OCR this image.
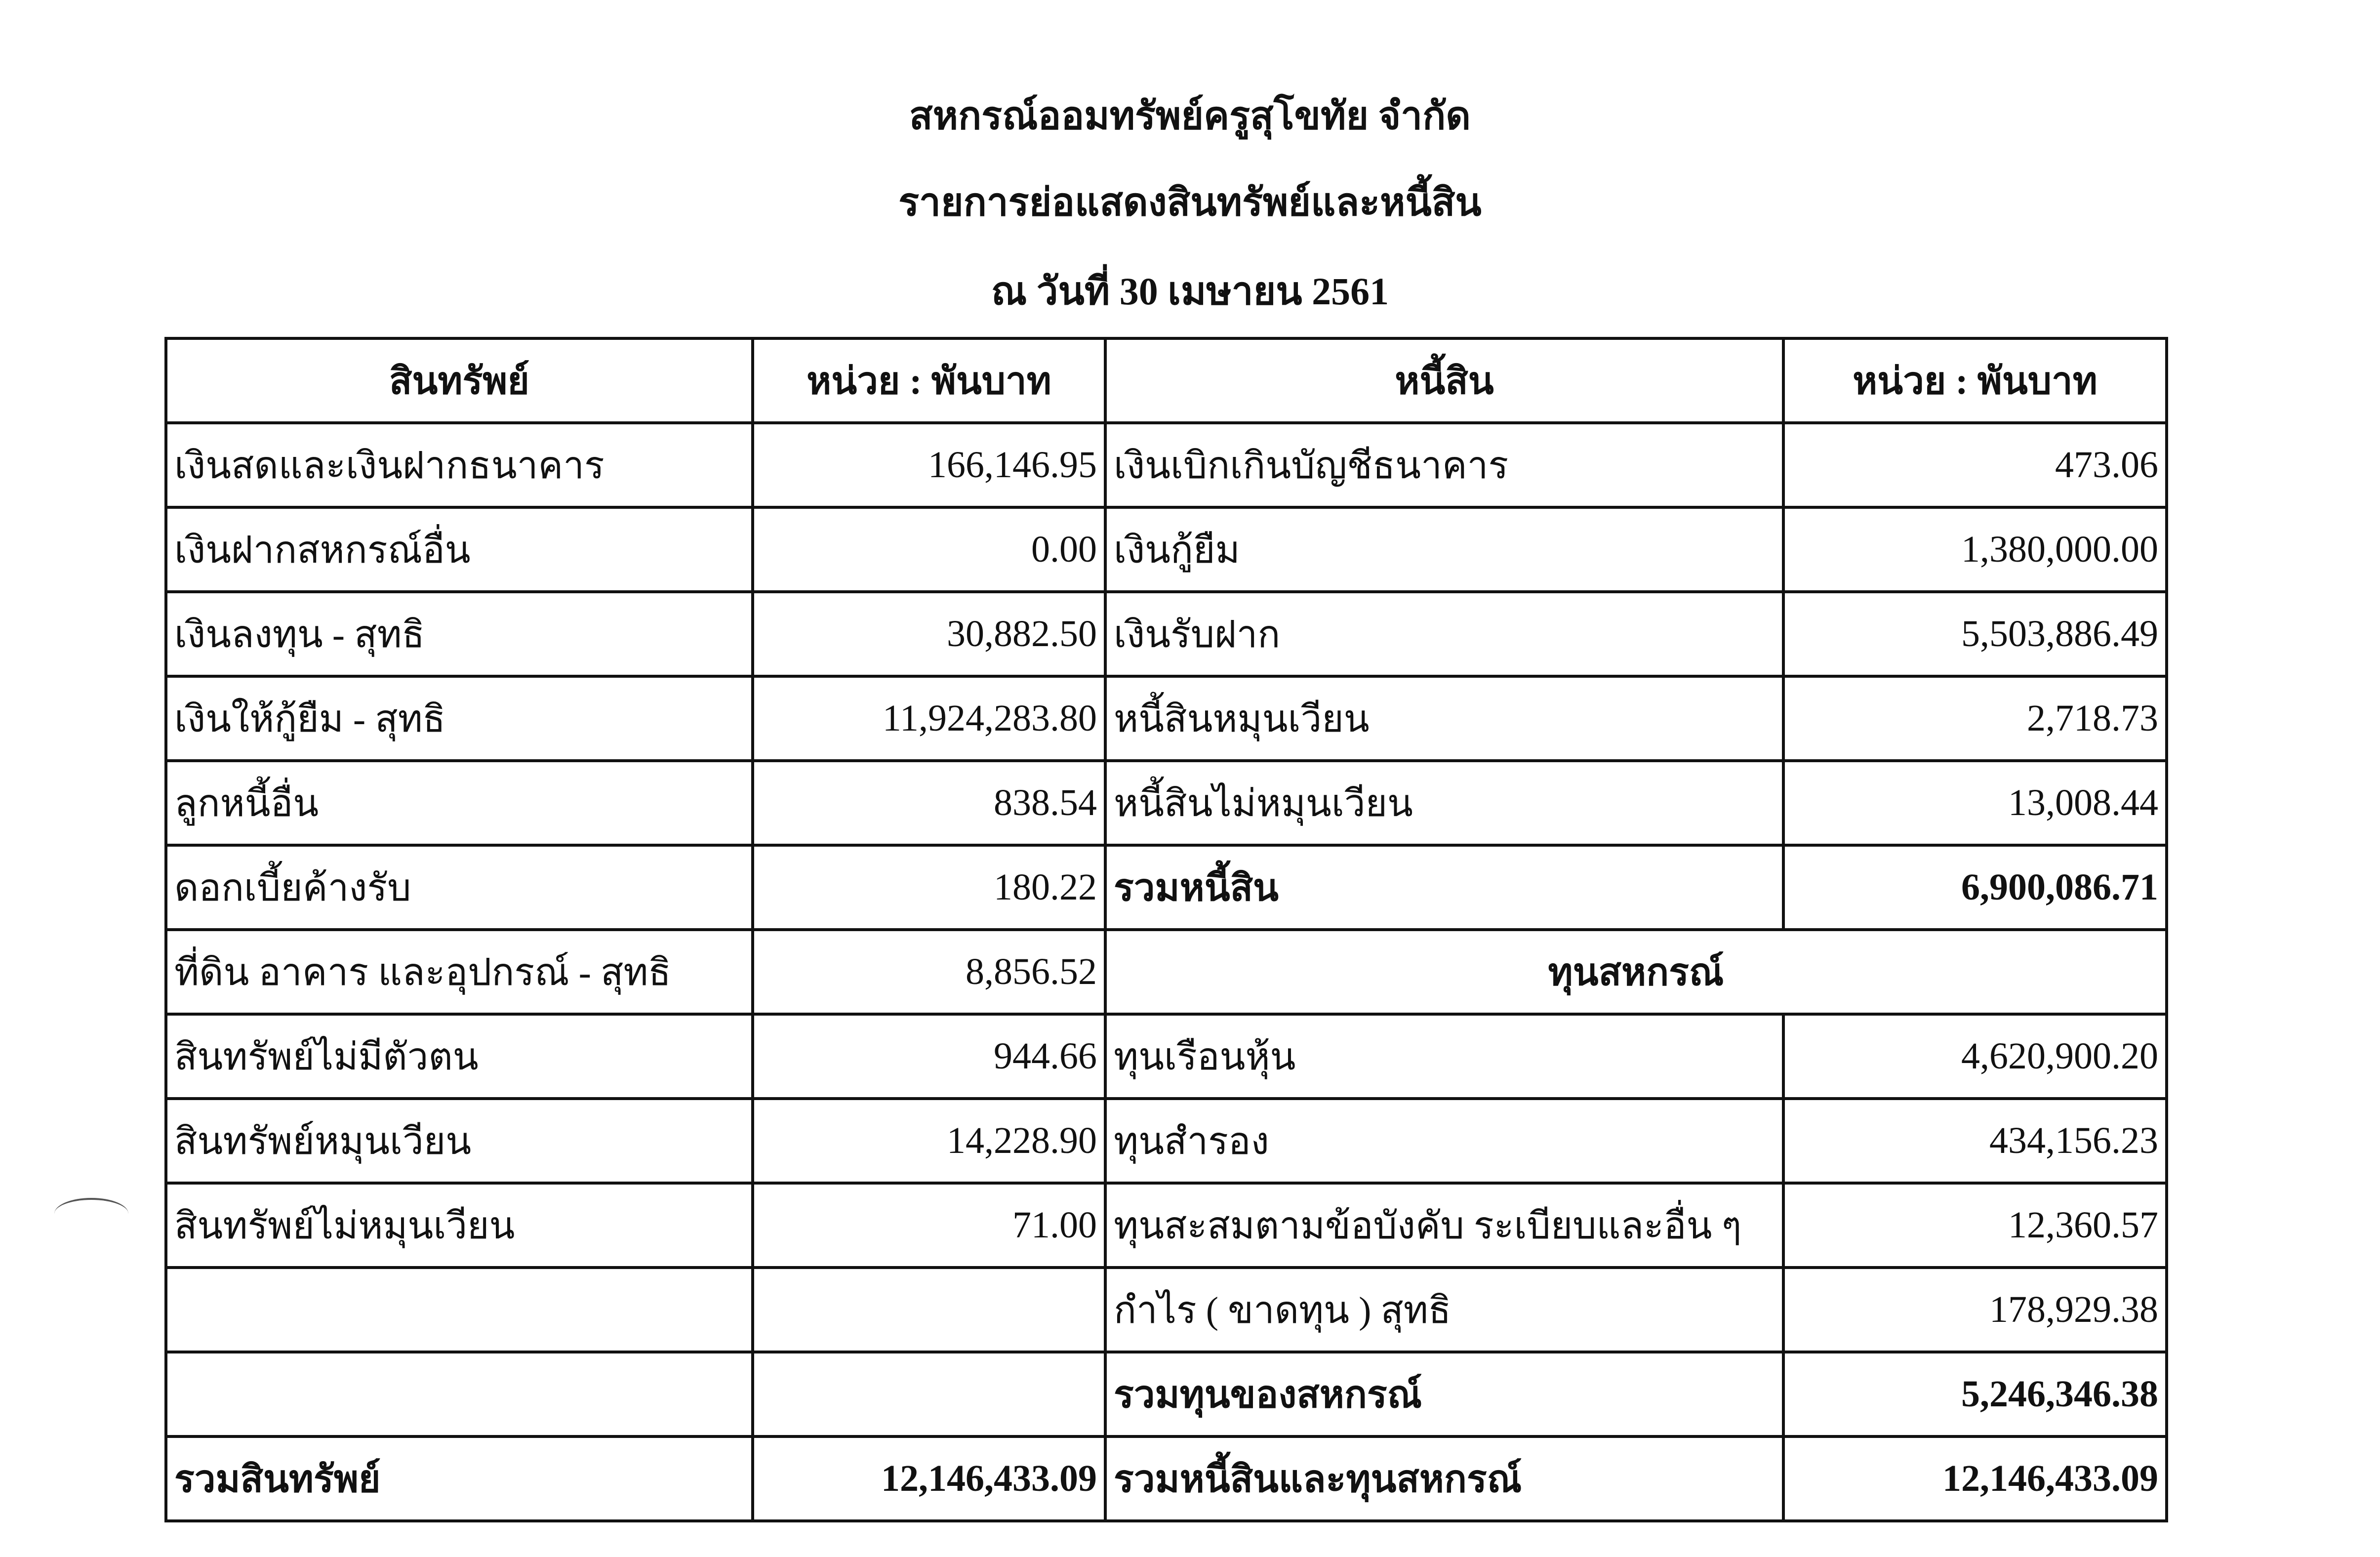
สหกรณ์ออมทรัพย์ครูสุโขทัย จำกัด
รายการย่อแสดงสินทรัพย์และหนี้สิน
ณ วันที่ 30 เมษายน 2561
สินทรัพย์	หน่วย : พันบาท	หนี้สิน	หน่วย : พันบาท
เงินสดและเงินฝากธนาคาร	166,146.95	เงินเบิกเกินบัญชีธนาคาร	473.06
เงินฝากสหกรณ์อื่น	0.00	เงินกู้ยืม	1,380,000.00
เงินลงทุน - สุทธิ	30,882.50	เงินรับฝาก	5,503,886.49
เงินให้กู้ยืม - สุทธิ	11,924,283.80	หนี้สินหมุนเวียน	2,718.73
ลูกหนี้อื่น	838.54	หนี้สินไม่หมุนเวียน	13,008.44
ดอกเบี้ยค้างรับ	180.22	รวมหนี้สิน	6,900,086.71
ที่ดิน อาคาร และอุปกรณ์ - สุทธิ	8,856.52	ทุนสหกรณ์	
สินทรัพย์ไม่มีตัวตน	944.66	ทุนเรือนหุ้น	4,620,900.20
สินทรัพย์หมุนเวียน	14,228.90	ทุนสำรอง	434,156.23
สินทรัพย์ไม่หมุนเวียน	71.00	ทุนสะสมตามข้อบังคับ ระเบียบและอื่น ๆ	12,360.57
		กำไร ( ขาดทุน ) สุทธิ	178,929.38
		รวมทุนของสหกรณ์	5,246,346.38
รวมสินทรัพย์	12,146,433.09	รวมหนี้สินและทุนสหกรณ์	12,146,433.09
